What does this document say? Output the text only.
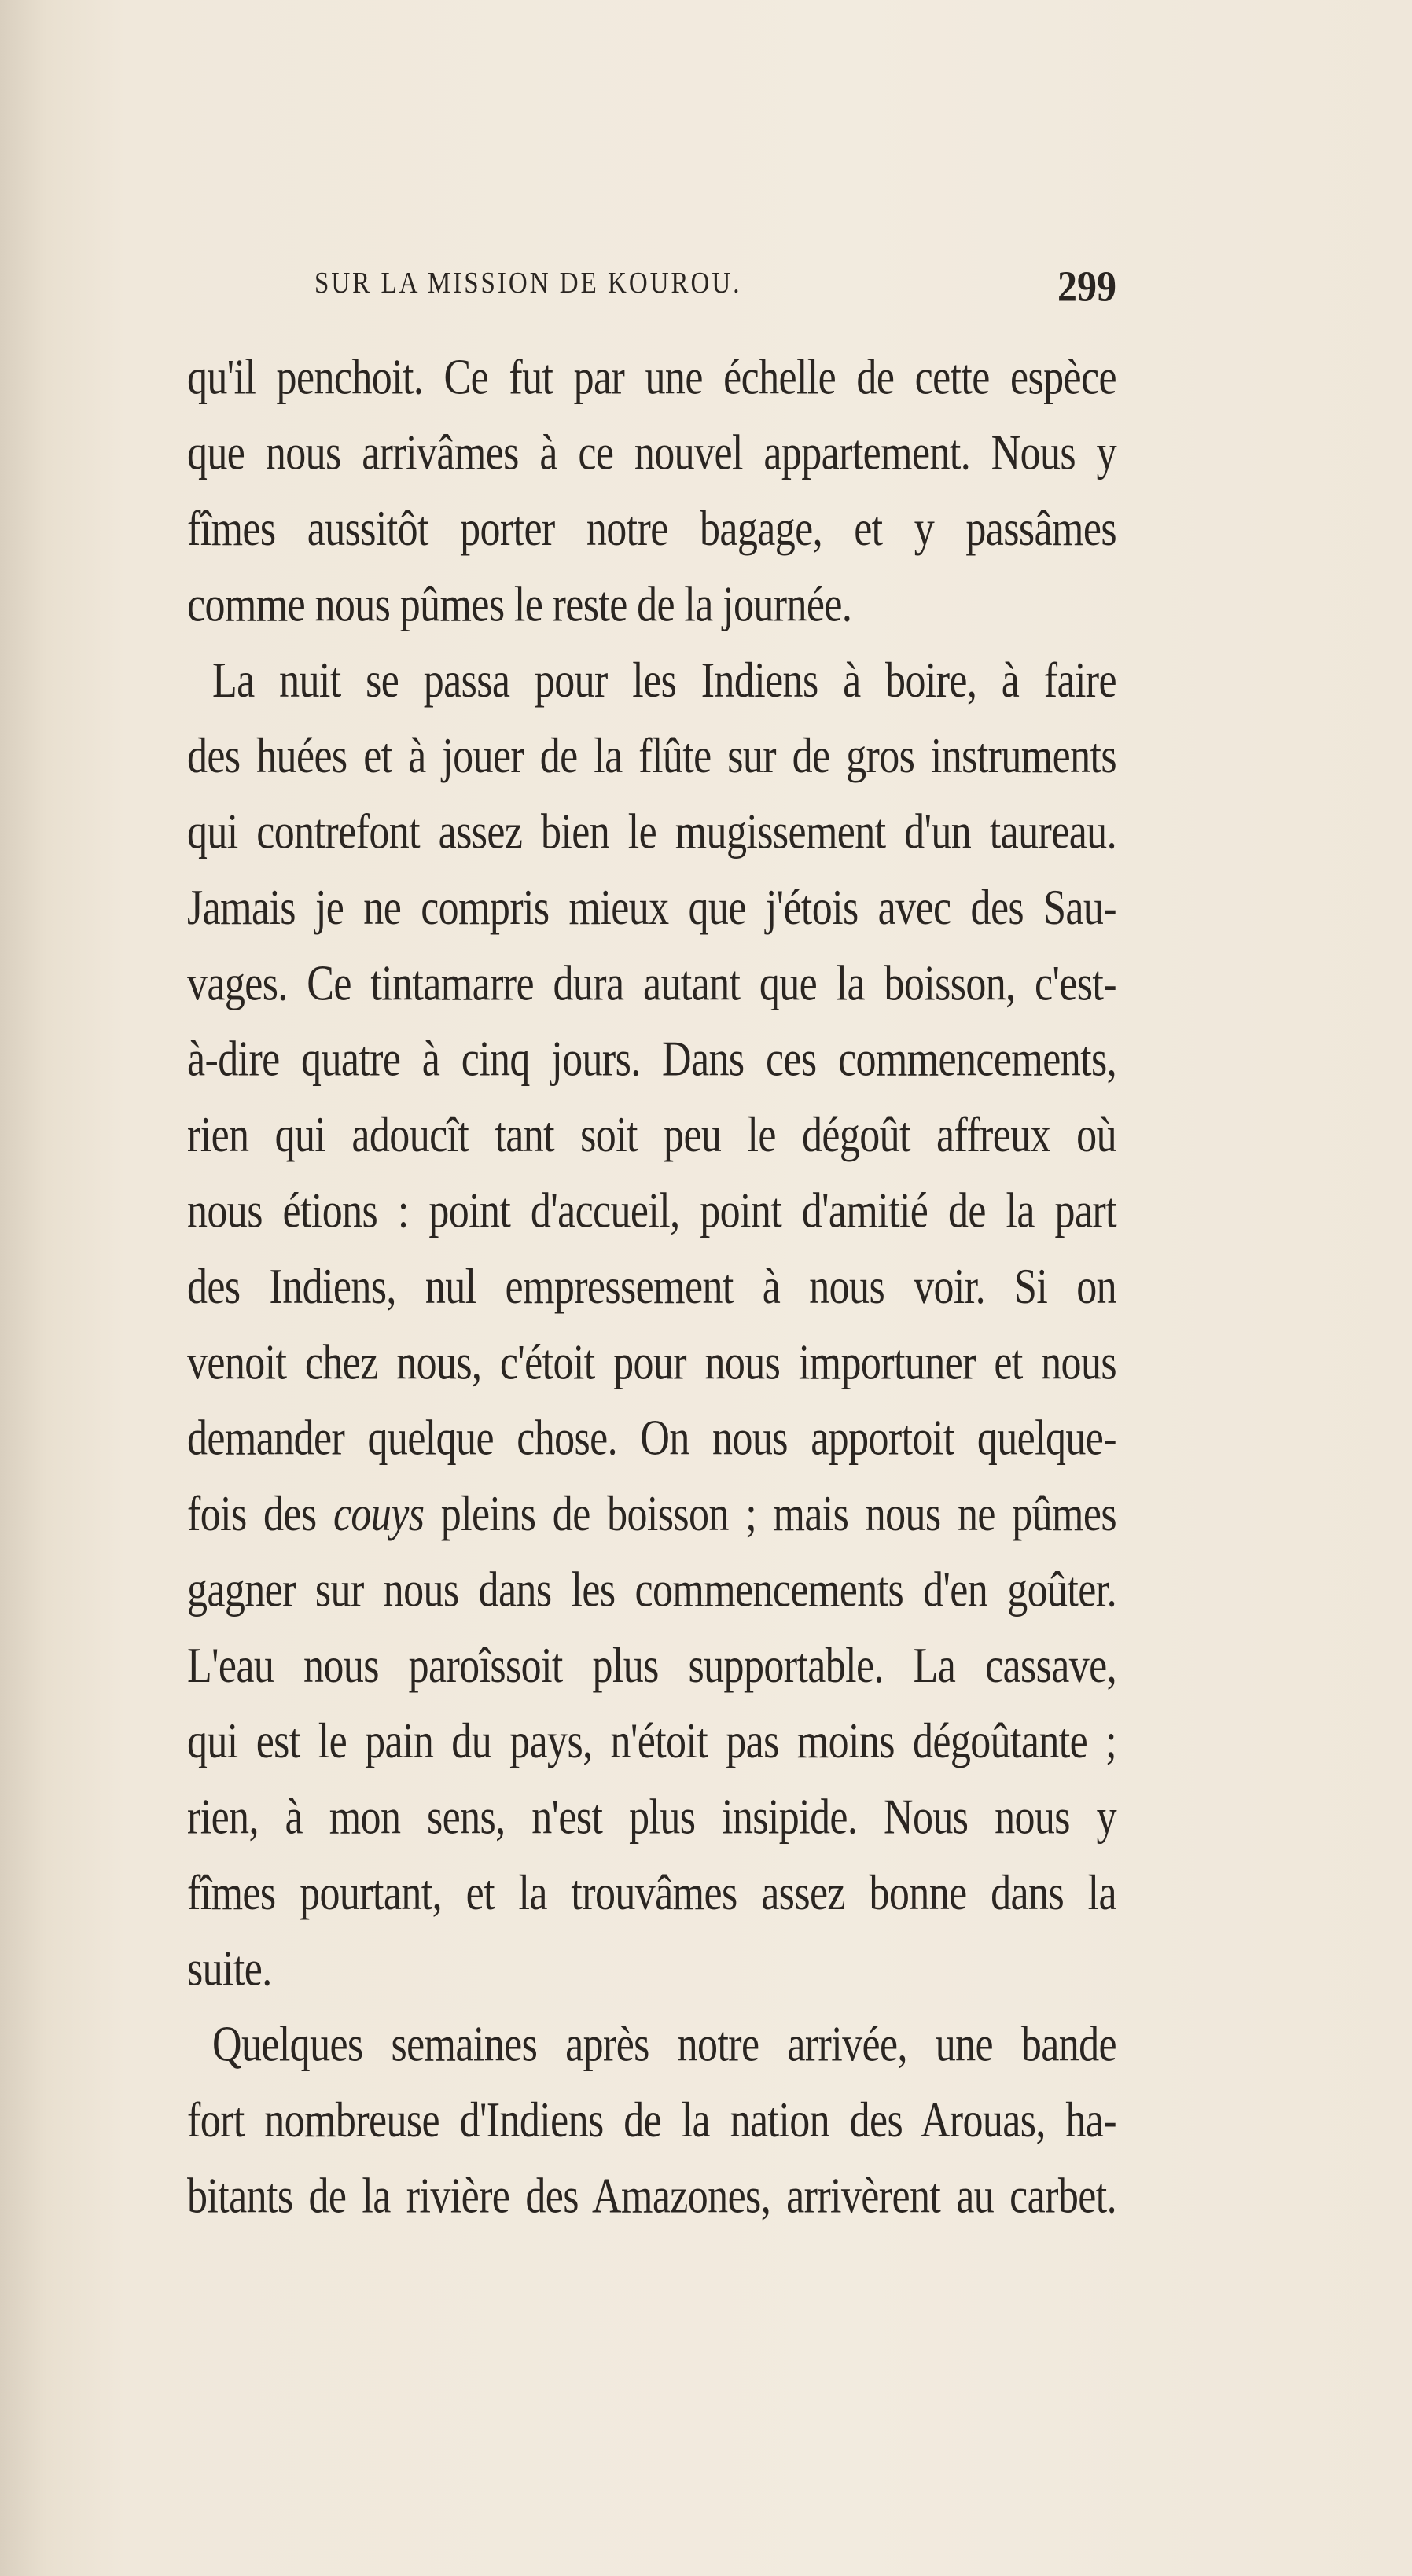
SUR LA MISSION DE KOUROU.	299
qu'il penchoit. Ce fut par une échelle de cette espèce
que nous arrivâmes à ce nouvel appartement. Nous y
fîmes aussitôt porter notre bagage, et y passâmes
comme nous pûmes le reste de la journée.
La nuit se passa pour les Indiens à boire, à faire
des huées et à jouer de la flûte sur de gros instruments
qui contrefont assez bien le mugissement d'un taureau.
Jamais je ne compris mieux que j'étois avec des Sau-
vages. Ce tintamarre dura autant que la boisson, c'est-
à-dire quatre à cinq jours. Dans ces commencements,
rien qui adoucît tant soit peu le dégoût affreux où
nous étions : point d'accueil, point d'amitié de la part
des Indiens, nul empressement à nous voir. Si on
venoit chez nous, c'étoit pour nous importuner et nous
demander quelque chose. On nous apportoit quelque-
fois des couys pleins de boisson ; mais nous ne pûmes
gagner sur nous dans les commencements d'en goûter.
L'eau nous paroîssoit plus supportable. La cassave,
qui est le pain du pays, n'étoit pas moins dégoûtante ;
rien, à mon sens, n'est plus insipide. Nous nous y
fîmes pourtant, et la trouvâmes assez bonne dans la
suite.
Quelques semaines après notre arrivée, une bande
fort nombreuse d'Indiens de la nation des Arouas, ha-
bitants de la rivière des Amazones, arrivèrent au carbet.
